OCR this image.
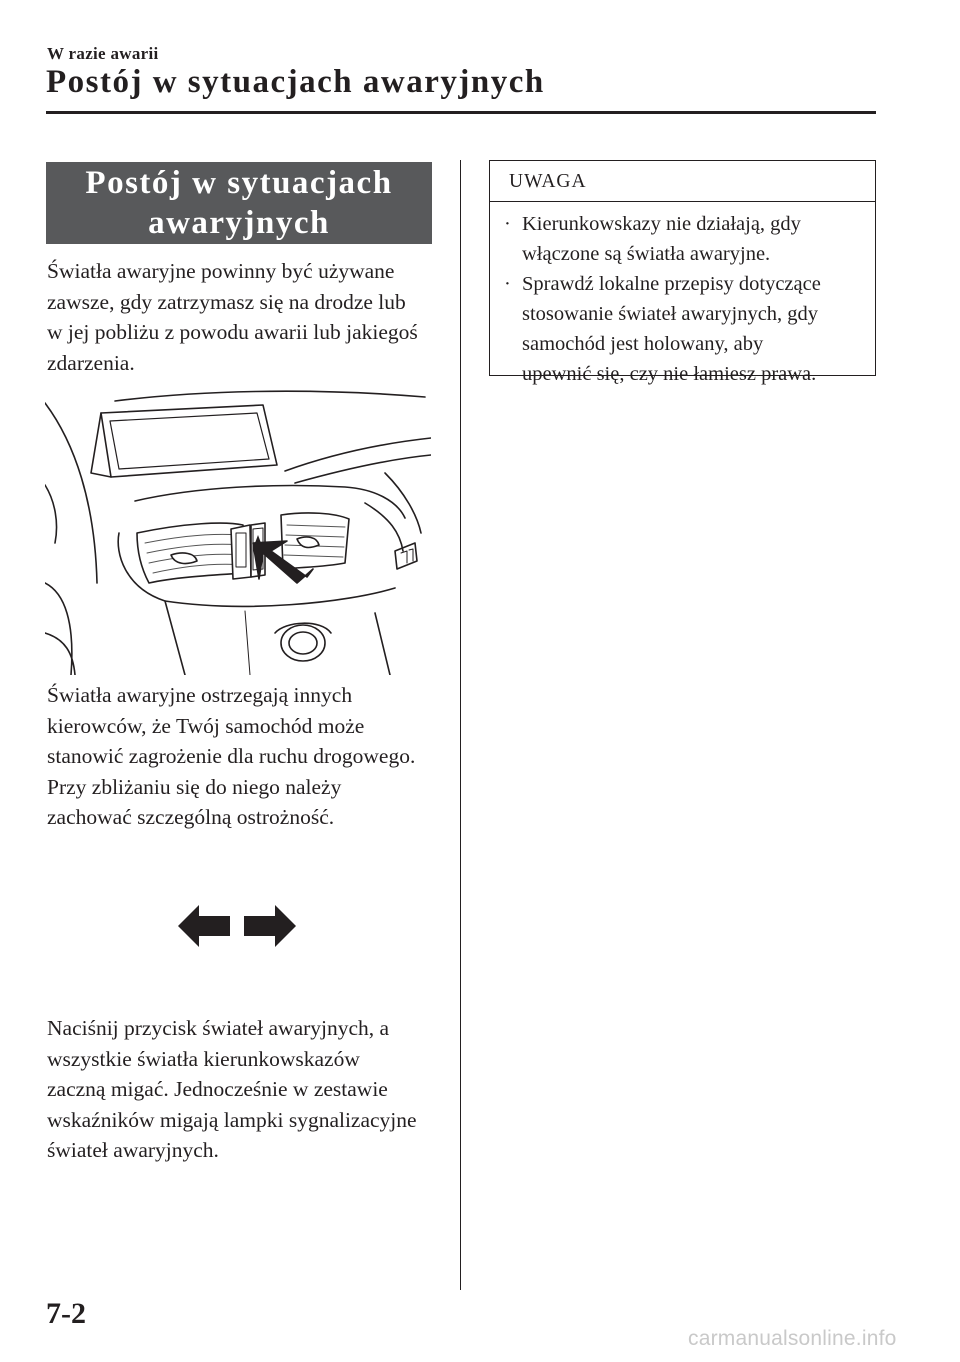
W razie awarii
Postój w sytuacjach awaryjnych
Postój w sytuacjach
awaryjnych

Światła awaryjne powinny być używane

zawsze, gdy zatrzymasz się na drodze lub

w jej pobliżu z powodu awarii lub jakiegoś

zdarzenia.

Światła awaryjne ostrzegają innych

kierowców, że Twój samochód może

stanowić zagrożenie dla ruchu drogowego.

Przy zbliżaniu się do niego należy

zachować szczególną ostrożność.

Naciśnij przycisk świateł awaryjnych, a

wszystkie światła kierunkowskazów

zaczną migać. Jednocześnie w zestawie

wskaźników migają lampki sygnalizacyjne

świateł awaryjnych.

UWAGA
· Kierunkowskazy nie działają, gdy

włączone są światła awaryjne.

· Sprawdź lokalne przepisy dotyczące

stosowanie świateł awaryjnych, gdy

samochód jest holowany, aby

upewnić się, czy nie łamiesz prawa.

7-2
carmanualsonline.info
